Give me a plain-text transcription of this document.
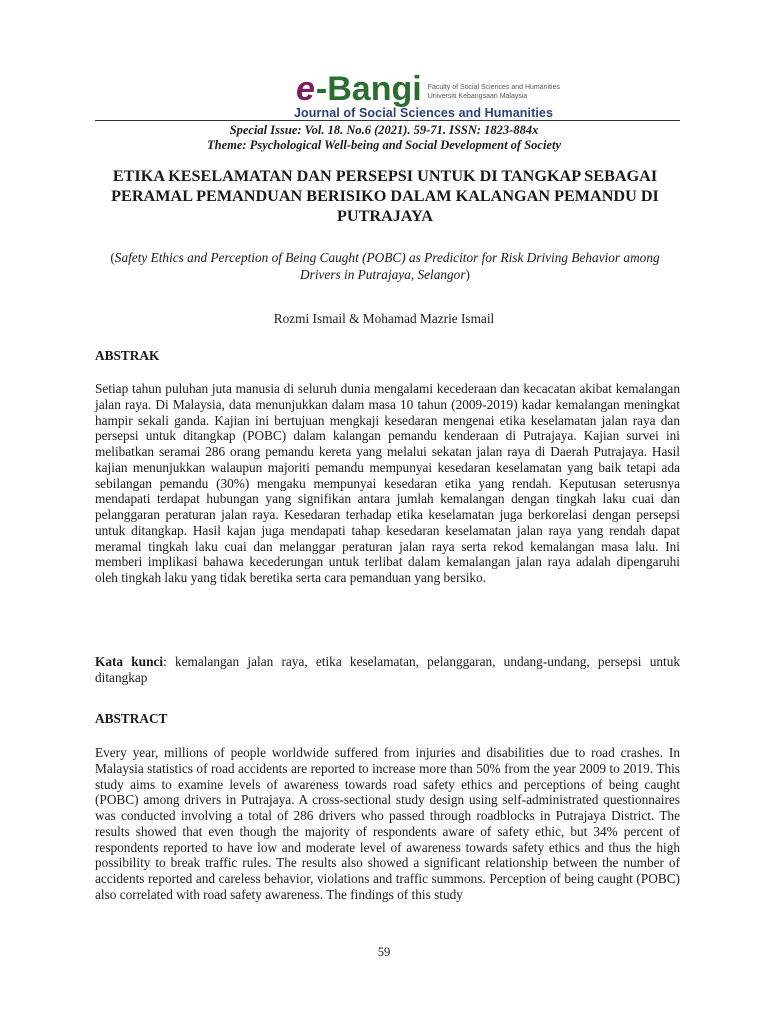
e -Bangi Faculty of Social Sciences and Humanities
Universiti Kebangsaan Malaysia
Journal of Social Sciences and Humanities
Special Issue: Vol. 18. No.6 (2021). 59-71. ISSN: 1823-884x
Theme: Psychological Well-being and Social Development of Society
ETIKA KESELAMATAN DAN PERSEPSI UNTUK DI TANGKAP SEBAGAI PERAMAL PEMANDUAN BERISIKO DALAM KALANGAN PEMANDU DI PUTRAJAYA
(Safety Ethics and Perception of Being Caught (POBC) as Predicitor for Risk Driving Behavior among Drivers in Putrajaya, Selangor)
Rozmi Ismail & Mohamad Mazrie Ismail
ABSTRAK

Setiap tahun puluhan juta manusia di seluruh dunia mengalami kecederaan dan kecacatan akibat kemalangan jalan raya. Di Malaysia, data menunjukkan dalam masa 10 tahun (2009-2019) kadar kemalangan meningkat hampir sekali ganda. Kajian ini bertujuan mengkaji kesedaran mengenai etika keselamatan jalan raya dan persepsi untuk ditangkap (POBC) dalam kalangan pemandu kenderaan di Putrajaya. Kajian survei ini melibatkan seramai 286 orang pemandu kereta yang melalui sekatan jalan raya di Daerah Putrajaya. Hasil kajian menunjukkan walaupun majoriti pemandu mempunyai kesedaran keselamatan yang baik tetapi ada sebilangan pemandu (30%) mengaku mempunyai kesedaran etika yang rendah. Keputusan seterusnya mendapati terdapat hubungan yang signifikan antara jumlah kemalangan dengan tingkah laku cuai dan pelanggaran peraturan jalan raya. Kesedaran terhadap etika keselamatan juga berkorelasi dengan persepsi untuk ditangkap. Hasil kajan juga mendapati tahap kesedaran keselamatan jalan raya yang rendah dapat meramal tingkah laku cuai dan melanggar peraturan jalan raya serta rekod kemalangan masa lalu. Ini memberi implikasi bahawa kecederungan untuk terlibat dalam kemalangan jalan raya adalah dipengaruhi oleh tingkah laku yang tidak beretika serta cara pemanduan yang bersiko.

Kata kunci: kemalangan jalan raya, etika keselamatan, pelanggaran, undang-undang, persepsi untuk ditangkap

ABSTRACT

Every year, millions of people worldwide suffered from injuries and disabilities due to road crashes. In Malaysia statistics of road accidents are reported to increase more than 50% from the year 2009 to 2019. This study aims to examine levels of awareness towards road safety ethics and perceptions of being caught (POBC) among drivers in Putrajaya. A cross-sectional study design using self-administrated questionnaires was conducted involving a total of 286 drivers who passed through roadblocks in Putrajaya District. The results showed that even though the majority of respondents aware of safety ethic, but 34% percent of respondents reported to have low and moderate level of awareness towards safety ethics and thus the high possibility to break traffic rules. The results also showed a significant relationship between the number of accidents reported and careless behavior, violations and traffic summons. Perception of being caught (POBC) also correlated with road safety awareness. The findings of this study

59
